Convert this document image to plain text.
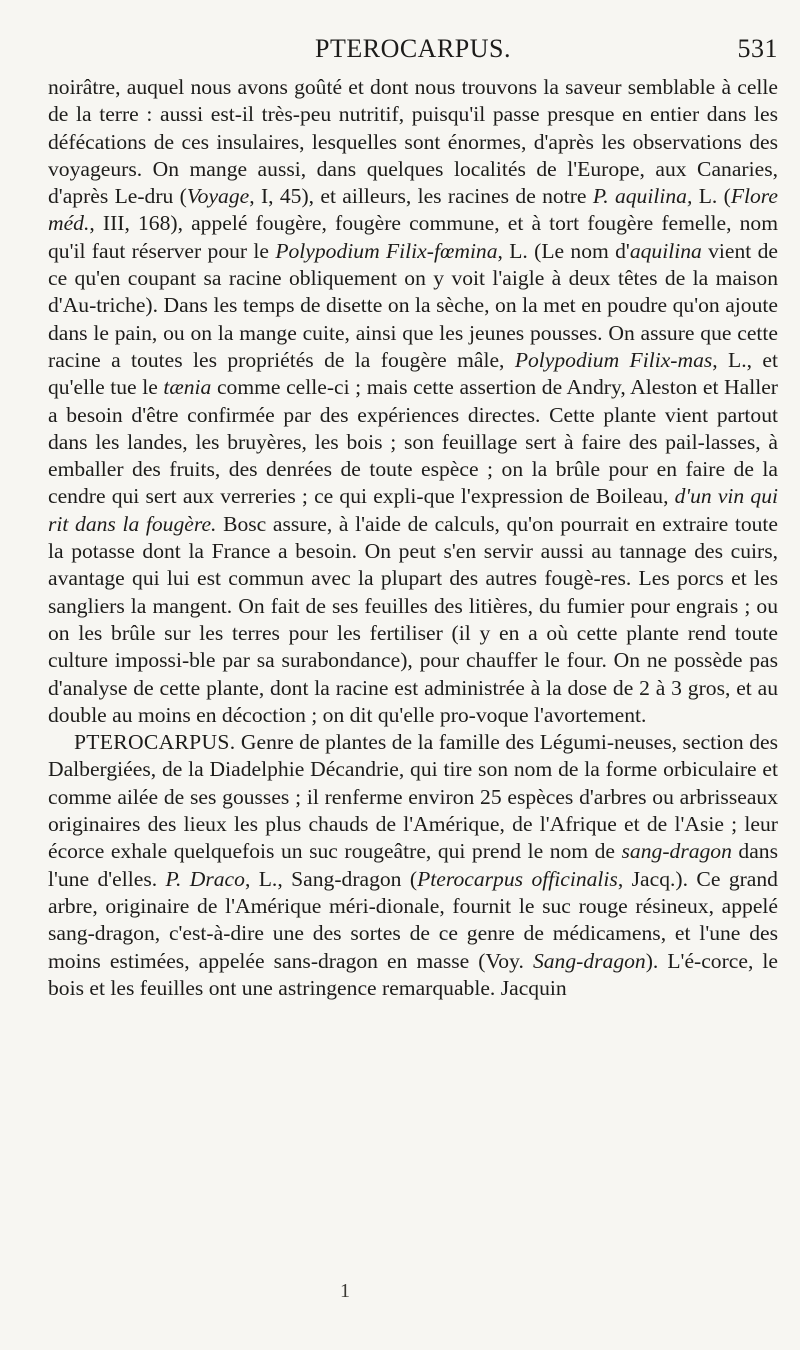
PTEROCARPUS.	531

noirâtre, auquel nous avons goûté et dont nous trouvons la saveur semblable à celle de la terre : aussi est-il très-peu nutritif, puisqu'il passe presque en entier dans les défécations de ces insulaires, lesquelles sont énormes, d'après les observations des voyageurs. On mange aussi, dans quelques localités de l'Europe, aux Canaries, d'après Le-dru (Voyage, I, 45), et ailleurs, les racines de notre P. aquilina, L. (Flore méd., III, 168), appelé fougère, fougère commune, et à tort fougère femelle, nom qu'il faut réserver pour le Polypodium Filix-fœmina, L. (Le nom d'aquilina vient de ce qu'en coupant sa racine obliquement on y voit l'aigle à deux têtes de la maison d'Au-triche). Dans les temps de disette on la sèche, on la met en poudre qu'on ajoute dans le pain, ou on la mange cuite, ainsi que les jeunes pousses. On assure que cette racine a toutes les propriétés de la fougère mâle, Polypodium Filix-mas, L., et qu'elle tue le tænia comme celle-ci ; mais cette assertion de Andry, Aleston et Haller a besoin d'être confirmée par des expériences directes. Cette plante vient partout dans les landes, les bruyères, les bois ; son feuillage sert à faire des pail-lasses, à emballer des fruits, des denrées de toute espèce ; on la brûle pour en faire de la cendre qui sert aux verreries ; ce qui expli-que l'expression de Boileau, d'un vin qui rit dans la fougère. Bosc assure, à l'aide de calculs, qu'on pourrait en extraire toute la potasse dont la France a besoin. On peut s'en servir aussi au tannage des cuirs, avantage qui lui est commun avec la plupart des autres fougè-res. Les porcs et les sangliers la mangent. On fait de ses feuilles des litières, du fumier pour engrais ; ou on les brûle sur les terres pour les fertiliser (il y en a où cette plante rend toute culture impossi-ble par sa surabondance), pour chauffer le four. On ne possède pas d'analyse de cette plante, dont la racine est administrée à la dose de 2 à 3 gros, et au double au moins en décoction ; on dit qu'elle pro-voque l'avortement.

PTEROCARPUS. Genre de plantes de la famille des Légumi-neuses, section des Dalbergiées, de la Diadelphie Décandrie, qui tire son nom de la forme orbiculaire et comme ailée de ses gousses ; il renferme environ 25 espèces d'arbres ou arbrisseaux originaires des lieux les plus chauds de l'Amérique, de l'Afrique et de l'Asie ; leur écorce exhale quelquefois un suc rougeâtre, qui prend le nom de sang-dragon dans l'une d'elles. P. Draco, L., Sang-dragon (Pterocarpus officinalis, Jacq.). Ce grand arbre, originaire de l'Amérique méri-dionale, fournit le suc rouge résineux, appelé sang-dragon, c'est-à-dire une des sortes de ce genre de médicamens, et l'une des moins estimées, appelée sans-dragon en masse (Voy. Sang-dragon). L'é-corce, le bois et les feuilles ont une astringence remarquable. Jacquin

1
